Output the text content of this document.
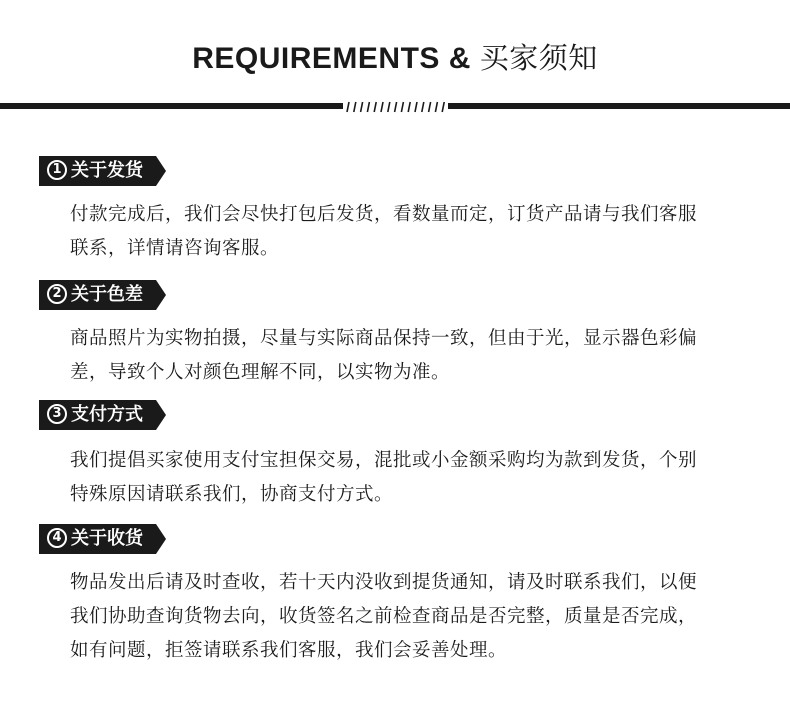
REQUIREMENTS & 买家须知
1 关于发货
付款完成后，我们会尽快打包后发货，看数量而定，订货产品请与我们客服
联系，详情请咨询客服。
2 关于色差
商品照片为实物拍摄，尽量与实际商品保持一致，但由于光，显示器色彩偏
差，导致个人对颜色理解不同，以实物为准。
3 支付方式
我们提倡买家使用支付宝担保交易，混批或小金额采购均为款到发货，个别
特殊原因请联系我们，协商支付方式。
4 关于收货
物品发出后请及时查收，若十天内没收到提货通知，请及时联系我们，以便
我们协助查询货物去向，收货签名之前检查商品是否完整，质量是否完成，
如有问题，拒签请联系我们客服，我们会妥善处理。
